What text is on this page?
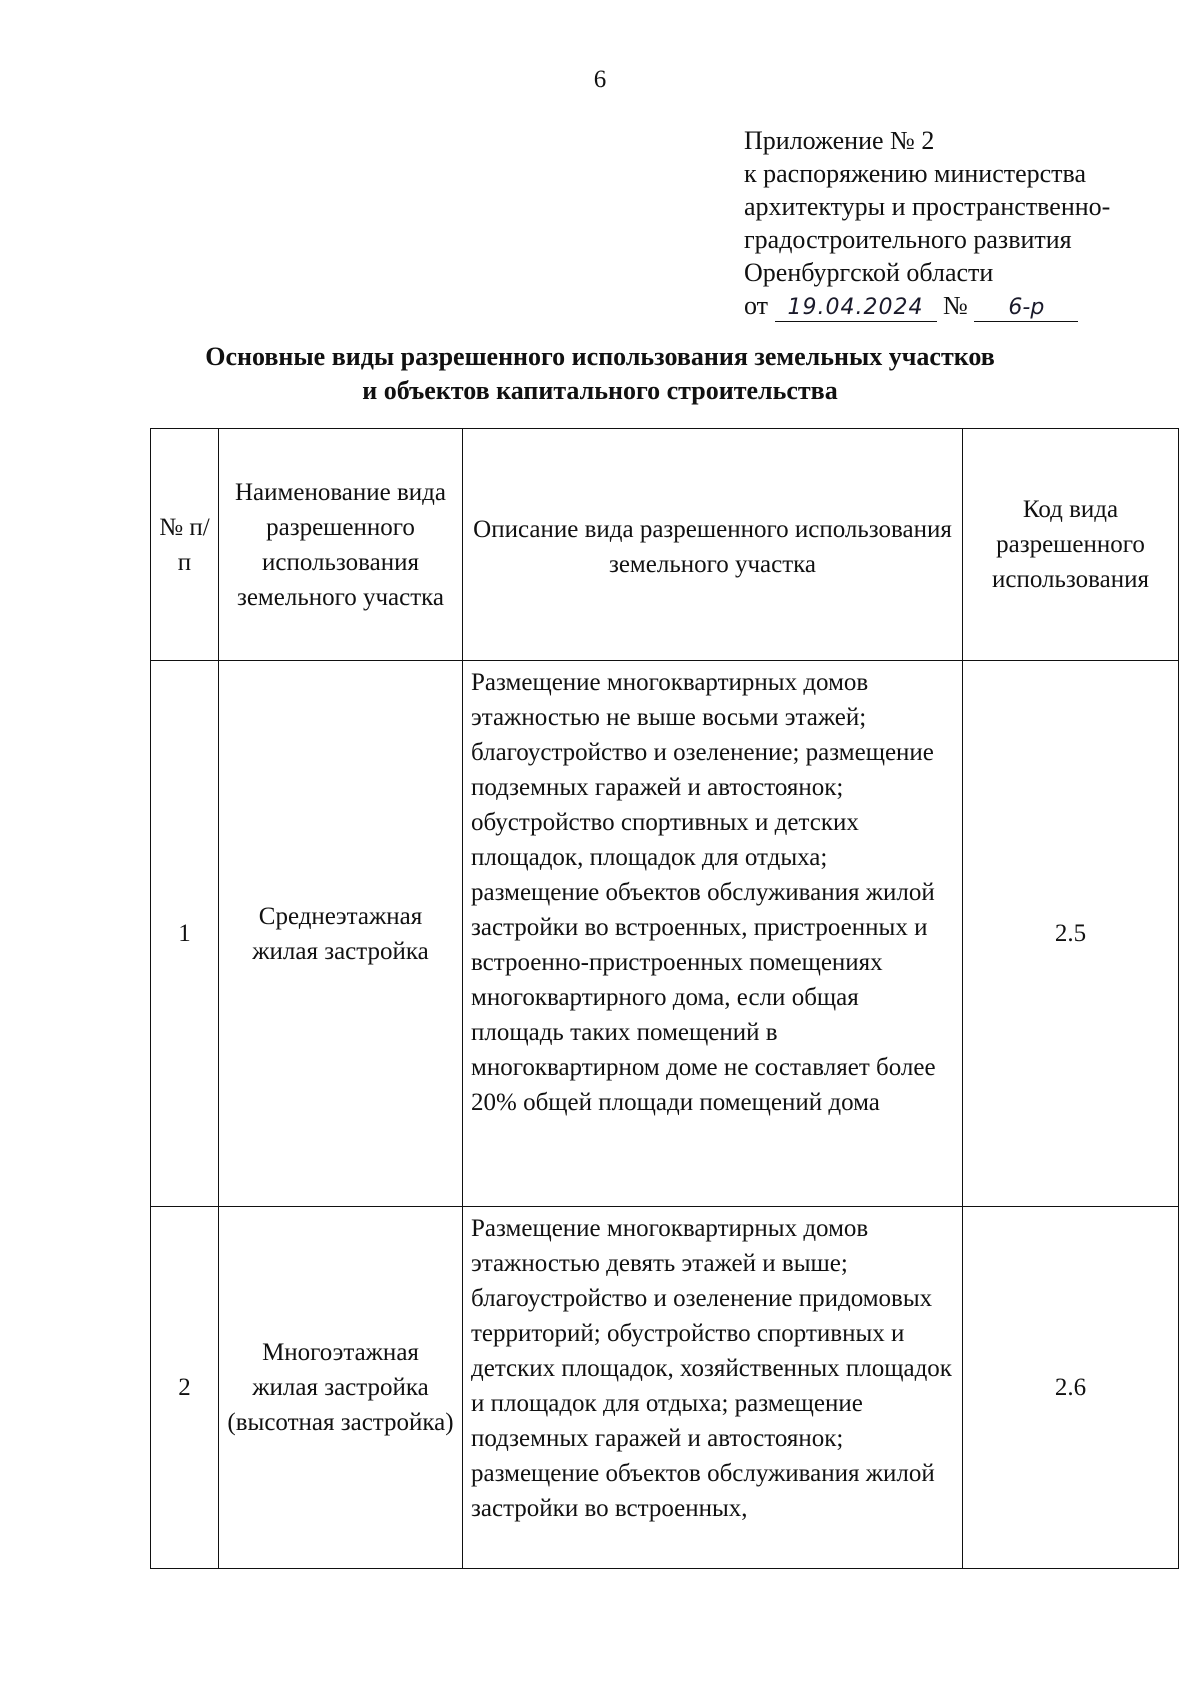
6
Приложение № 2
к распоряжению министерства
архитектуры и пространственно-
градостроительного развития
Оренбургской области
от 19.04.2024 № 6-р
Основные виды разрешенного использования земельных участков
и объектов капитального строительства
№ п/п	Наименование вида разрешенного использования земельного участка	Описание вида разрешенного использования земельного участка	Код вида разрешенного использования
1	Среднеэтажная жилая застройка	Размещение многоквартирных домов этажностью не выше восьми этажей; благоустройство и озеленение; размещение подземных гаражей и автостоянок; обустройство спортивных и детских площадок, площадок для отдыха; размещение объектов обслуживания жилой застройки во встроенных, пристроенных и встроенно-пристроенных помещениях многоквартирного дома, если общая площадь таких помещений в многоквартирном доме не составляет более 20% общей площади помещений дома	2.5
2	Многоэтажная жилая застройка (высотная застройка)	Размещение многоквартирных домов этажностью девять этажей и выше; благоустройство и озеленение придомовых территорий; обустройство спортивных и детских площадок, хозяйственных площадок и площадок для отдыха; размещение подземных гаражей и автостоянок; размещение объектов обслуживания жилой застройки во встроенных,	2.6
